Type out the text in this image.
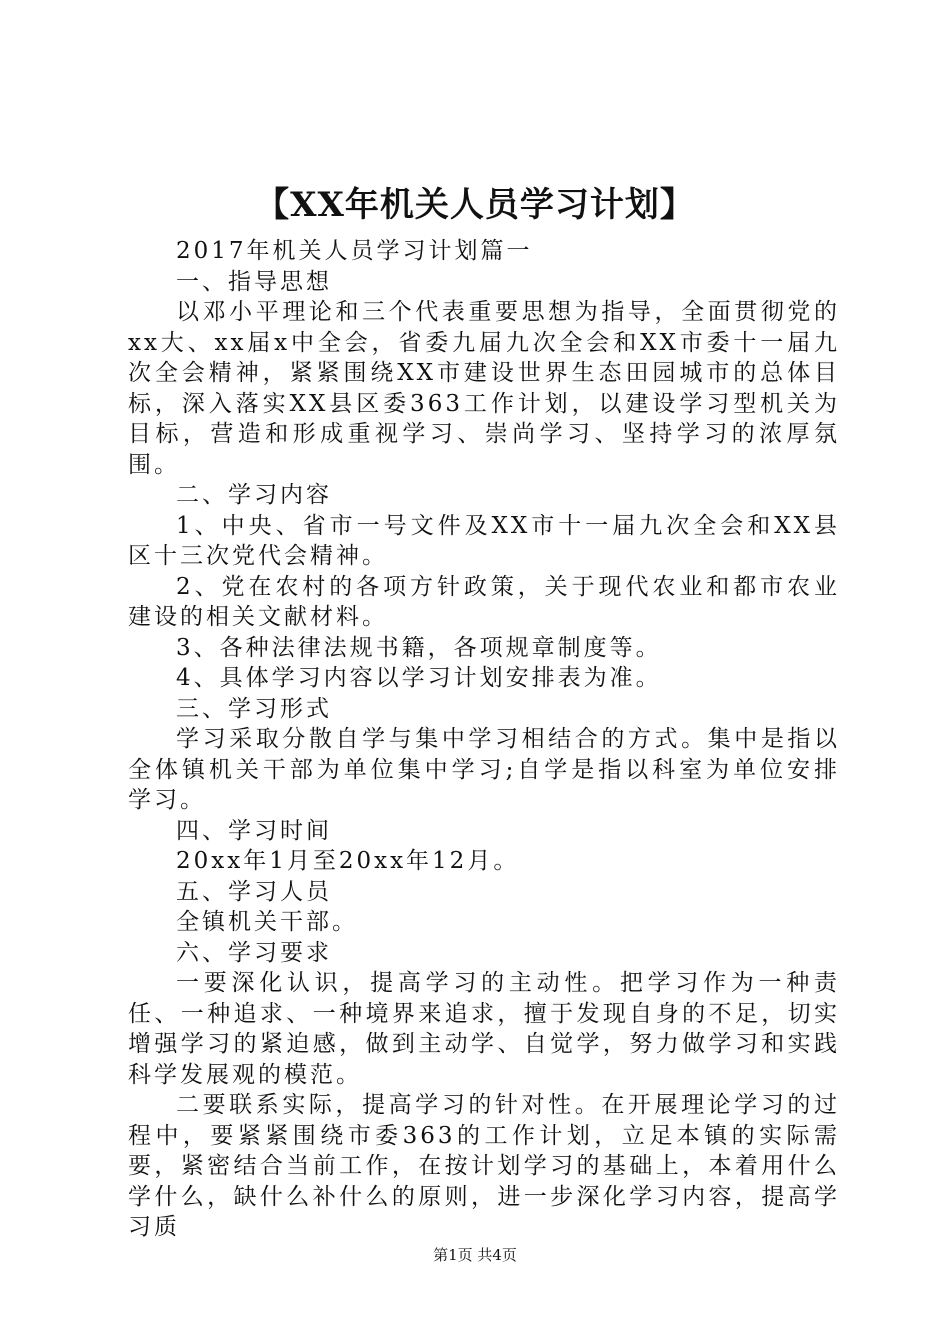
【XX年机关人员学习计划】

2017年机关人员学习计划篇一

一、指导思想

以邓小平理论和三个代表重要思想为指导，全面贯彻党的xx大、xx届x中全会，省委九届九次全会和XX市委十一届九次全会精神，紧紧围绕XX市建设世界生态田园城市的总体目标，深入落实XX县区委363工作计划，以建设学习型机关为目标，营造和形成重视学习、崇尚学习、坚持学习的浓厚氛围。

二、学习内容

1、中央、省市一号文件及XX市十一届九次全会和XX县区十三次党代会精神。

2、党在农村的各项方针政策，关于现代农业和都市农业建设的相关文献材料。

3、各种法律法规书籍，各项规章制度等。

4、具体学习内容以学习计划安排表为准。

三、学习形式

学习采取分散自学与集中学习相结合的方式。集中是指以全体镇机关干部为单位集中学习;自学是指以科室为单位安排学习。

四、学习时间

20xx年1月至20xx年12月。

五、学习人员

全镇机关干部。

六、学习要求

一要深化认识，提高学习的主动性。把学习作为一种责任、一种追求、一种境界来追求，擅于发现自身的不足，切实增强学习的紧迫感，做到主动学、自觉学，努力做学习和实践科学发展观的模范。

二要联系实际，提高学习的针对性。在开展理论学习的过程中，要紧紧围绕市委363的工作计划，立足本镇的实际需要，紧密结合当前工作，在按计划学习的基础上，本着用什么学什么，缺什么补什么的原则，进一步深化学习内容，提高学习质

第1页 共4页
